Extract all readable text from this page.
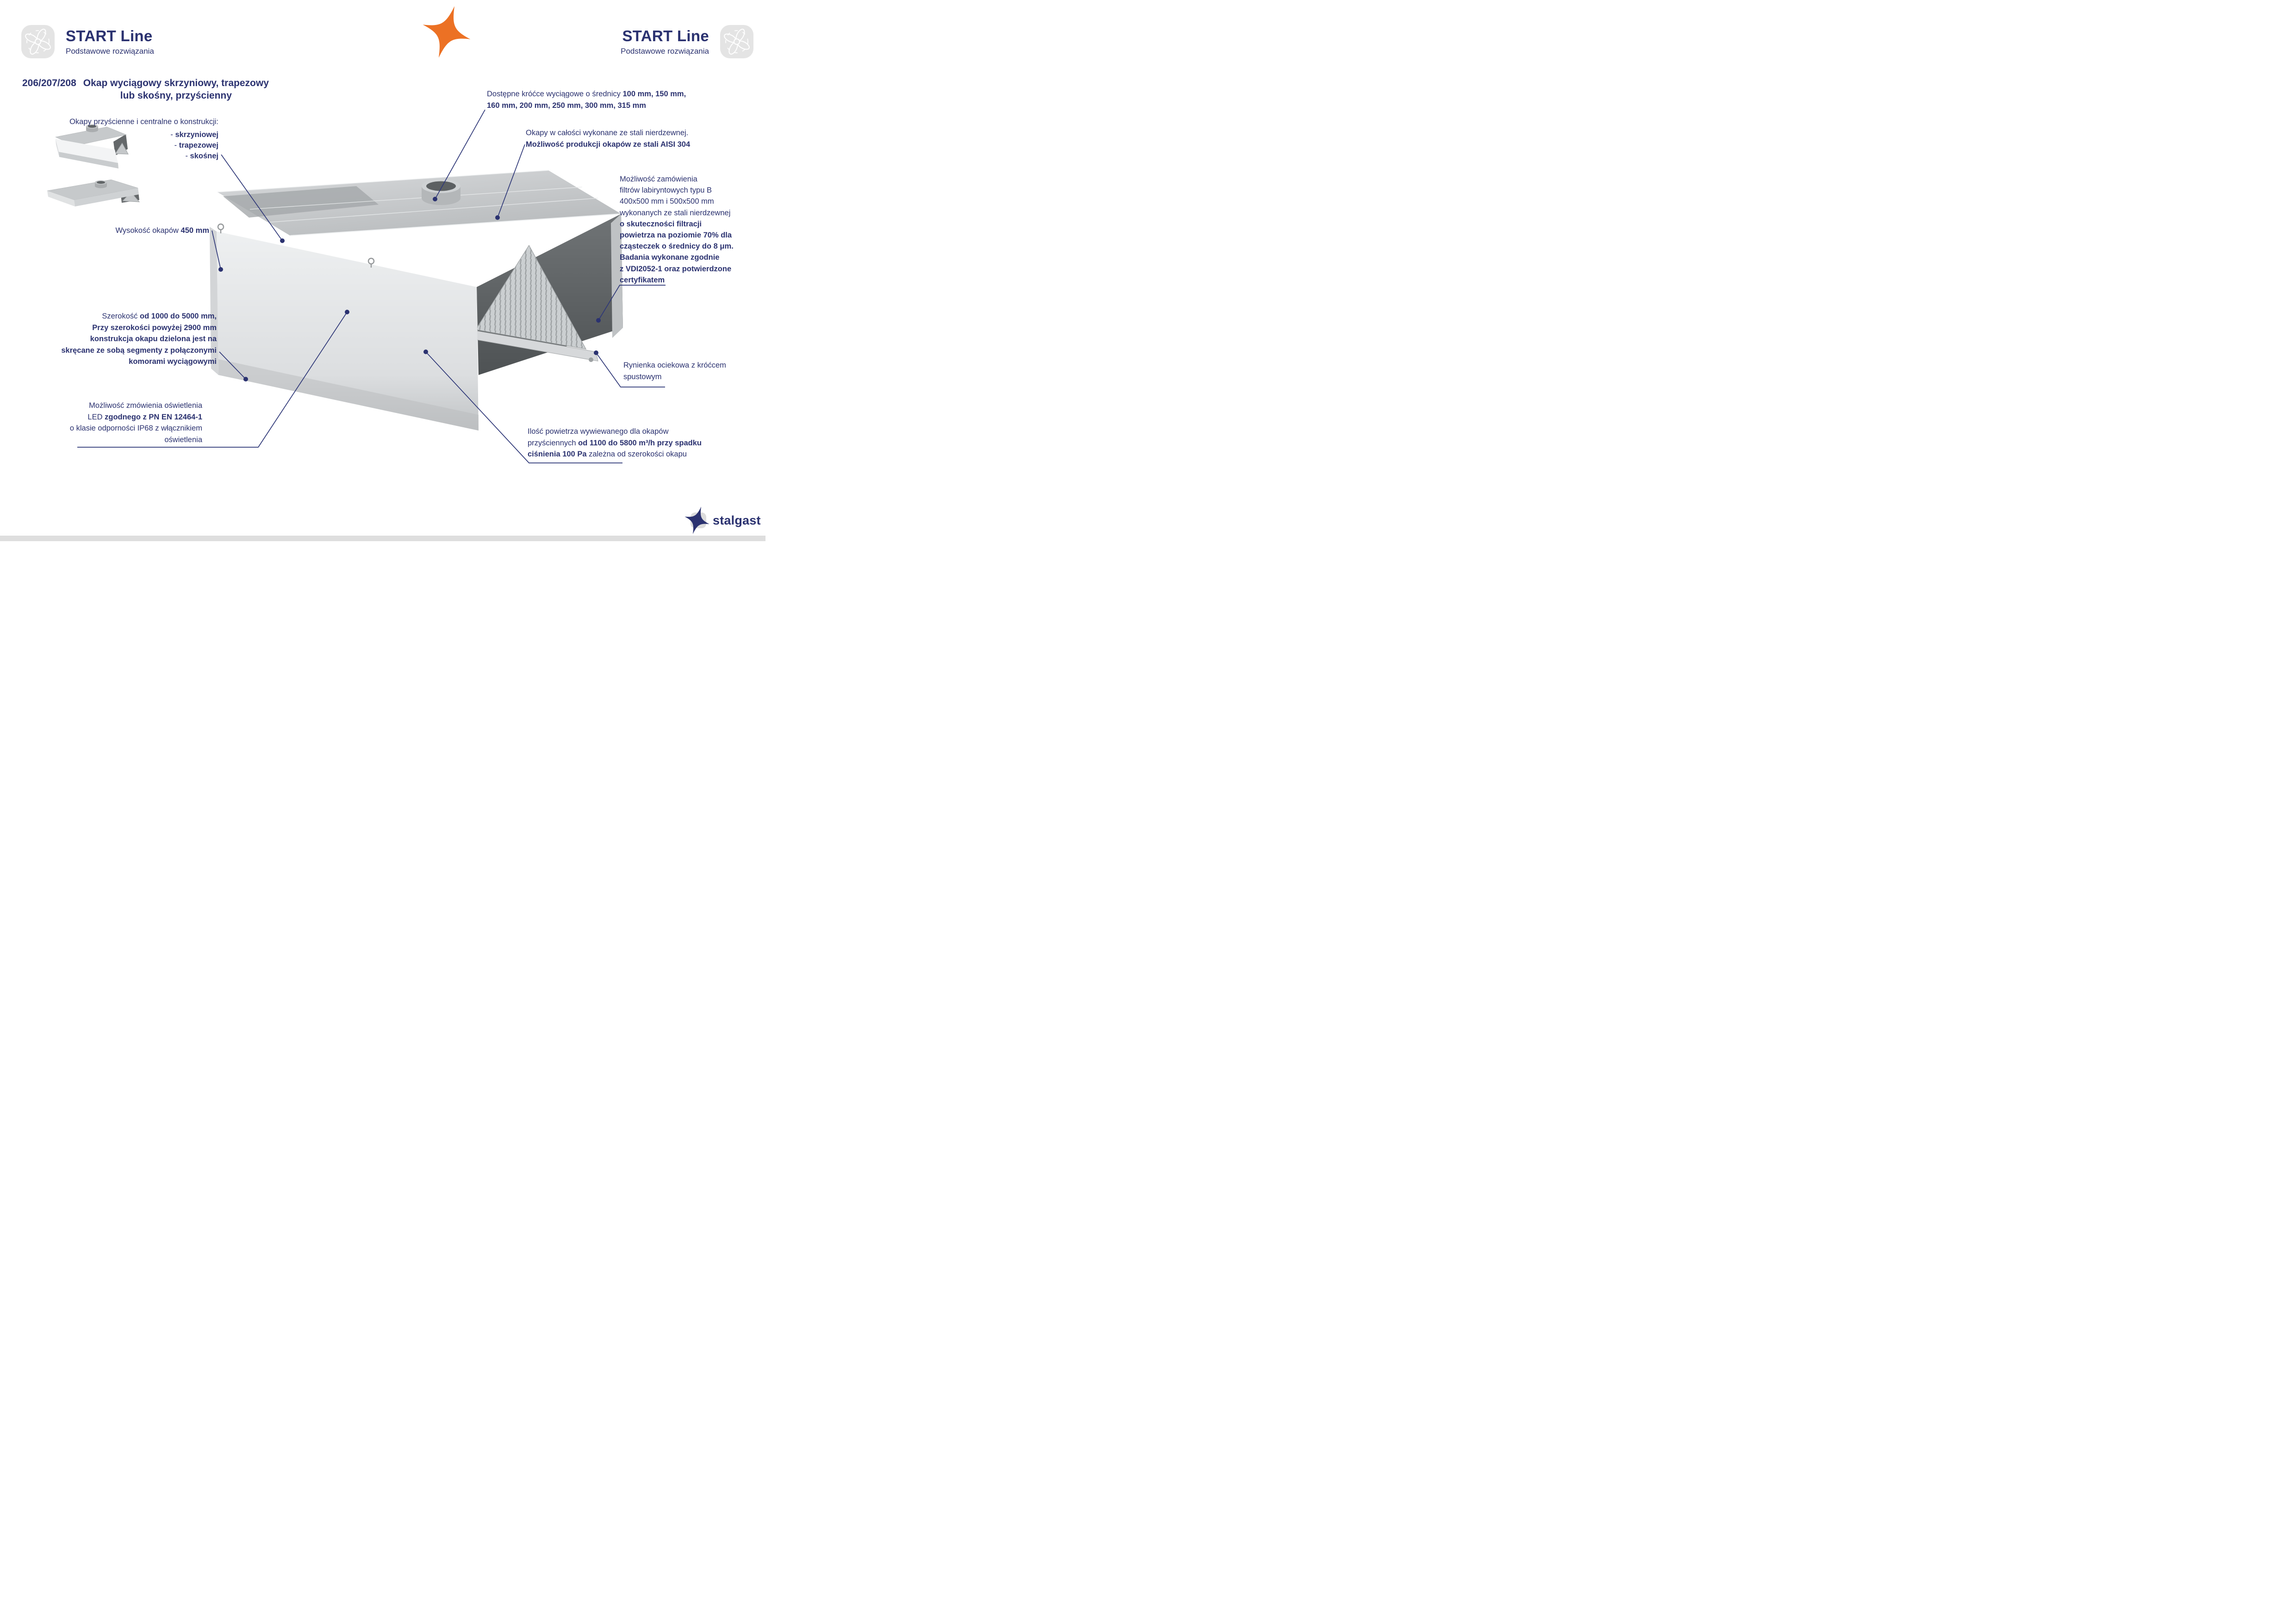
START Line
Podstawowe rozwiązania
START Line
Podstawowe rozwiązania
206/207/208 Okap wyciągowy skrzyniowy, trapezowy
lub skośny, przyścienny
Okapy przyścienne i centralne o konstrukcji:
- skrzyniowej
- trapezowej
- skośnej
Wysokość okapów 450 mm
Szerokość od 1000 do 5000 mm,
Przy szerokości powyżej 2900 mm
konstrukcja okapu dzielona jest na
skręcane ze sobą segmenty z połączonymi
komorami wyciągowymi
Możliwość zmówienia oświetlenia
LED zgodnego z PN EN 12464-1
o klasie odporności IP68 z włącznikiem
oświetlenia
Dostępne króćce wyciągowe o średnicy 100 mm, 150 mm,
160 mm, 200 mm, 250 mm, 300 mm, 315 mm
Okapy w całości wykonane ze stali nierdzewnej.
Możliwość produkcji okapów ze stali AISI 304
Możliwość zamówienia
filtrów labiryntowych typu B
400x500 mm i 500x500 mm
wykonanych ze stali nierdzewnej
o skuteczności filtracji
powietrza na poziomie 70% dla
cząsteczek o średnicy do 8 μm.
Badania wykonane zgodnie
z VDI2052-1 oraz potwierdzone
certyfikatem
Rynienka ociekowa z króćcem
spustowym
Ilość powietrza wywiewanego dla okapów
przyściennych od 1100 do 5800 m³/h przy spadku
ciśnienia 100 Pa zależna od szerokości okapu
stalgast
